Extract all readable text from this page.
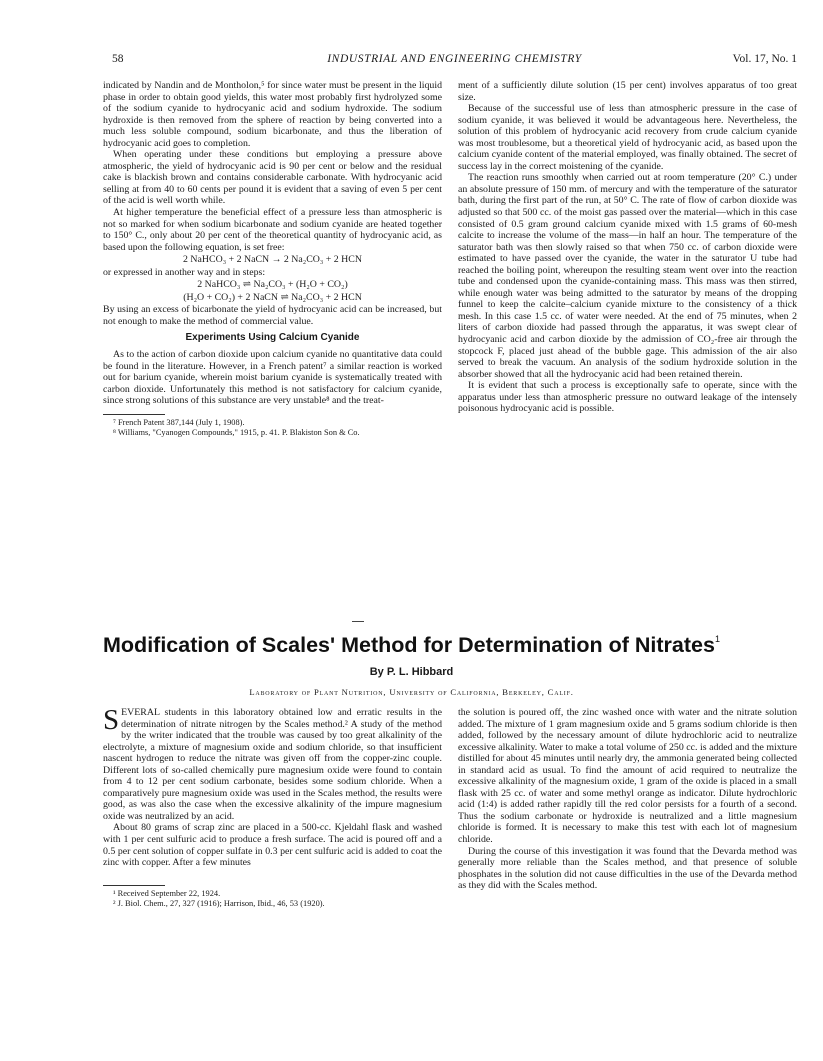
58	INDUSTRIAL AND ENGINEERING CHEMISTRY	Vol. 17, No. 1

indicated by Nandin and de Montholon,⁵ for since water must be present in the liquid phase in order to obtain good yields, this water most probably first hydrolyzed some of the sodium cyanide to hydrocyanic acid and sodium hydroxide. The sodium hydroxide is then removed from the sphere of reaction by being converted into a much less soluble compound, sodium bicarbonate, and thus the liberation of hydrocyanic acid goes to completion.

When operating under these conditions but employing a pressure above atmospheric, the yield of hydrocyanic acid is 90 per cent or below and the residual cake is blackish brown and contains considerable carbonate. With hydrocyanic acid selling at from 40 to 60 cents per pound it is evident that a saving of even 5 per cent of the acid is well worth while.

At higher temperature the beneficial effect of a pressure less than atmospheric is not so marked for when sodium bicarbonate and sodium cyanide are heated together to 150° C., only about 20 per cent of the theoretical quantity of hydrocyanic acid, as based upon the following equation, is set free:

2 NaHCO₃ + 2 NaCN → 2 Na₂CO₃ + 2 HCN

or expressed in another way and in steps:

2 NaHCO₃ ⇌ Na₂CO₃ + (H₂O + CO₂)
(H₂O + CO₂) + 2 NaCN ⇌ Na₂CO₃ + 2 HCN

By using an excess of bicarbonate the yield of hydrocyanic acid can be increased, but not enough to make the method of commercial value.

Experiments Using Calcium Cyanide

As to the action of carbon dioxide upon calcium cyanide no quantitative data could be found in the literature. However, in a French patent⁷ a similar reaction is worked out for barium cyanide, wherein moist barium cyanide is systematically treated with carbon dioxide. Unfortunately this method is not satisfactory for calcium cyanide, since strong solutions of this substance are very unstable⁸ and the treat-

⁷ French Patent 387,144 (July 1, 1908).

⁸ Williams, "Cyanogen Compounds," 1915, p. 41. P. Blakiston Son & Co.

ment of a sufficiently dilute solution (15 per cent) involves apparatus of too great size.

Because of the successful use of less than atmospheric pressure in the case of sodium cyanide, it was believed it would be advantageous here. Nevertheless, the solution of this problem of hydrocyanic acid recovery from crude calcium cyanide was most troublesome, but a theoretical yield of hydrocyanic acid, as based upon the calcium cyanide content of the material employed, was finally obtained. The secret of success lay in the correct moistening of the cyanide.

The reaction runs smoothly when carried out at room temperature (20° C.) under an absolute pressure of 150 mm. of mercury and with the temperature of the saturator bath, during the first part of the run, at 50° C. The rate of flow of carbon dioxide was adjusted so that 500 cc. of the moist gas passed over the material—which in this case consisted of 0.5 gram ground calcium cyanide mixed with 1.5 grams of 60-mesh calcite to increase the volume of the mass—in half an hour. The temperature of the saturator bath was then slowly raised so that when 750 cc. of carbon dioxide were estimated to have passed over the cyanide, the water in the saturator U tube had reached the boiling point, whereupon the resulting steam went over into the reaction tube and condensed upon the cyanide-containing mass. This mass was then stirred, while enough water was being admitted to the saturator by means of the dropping funnel to keep the calcite–calcium cyanide mixture to the consistency of a thick mesh. In this case 1.5 cc. of water were needed. At the end of 75 minutes, when 2 liters of carbon dioxide had passed through the apparatus, it was swept clear of hydrocyanic acid and carbon dioxide by the admission of CO₂-free air through the stopcock F, placed just ahead of the bubble gage. This admission of the air also served to break the vacuum. An analysis of the sodium hydroxide solution in the absorber showed that all the hydrocyanic acid had been retained therein.

It is evident that such a process is exceptionally safe to operate, since with the apparatus under less than atmospheric pressure no outward leakage of the intensely poisonous hydrocyanic acid is possible.

Modification of Scales' Method for Determination of Nitrates$^1$
By P. L. Hibbard
Laboratory of Plant Nutrition, University of California, Berkeley, Calif.

SEVERAL students in this laboratory obtained low and erratic results in the determination of nitrate nitrogen by the Scales method.² A study of the method by the writer indicated that the trouble was caused by too great alkalinity of the electrolyte, a mixture of magnesium oxide and sodium chloride, so that insufficient nascent hydrogen to reduce the nitrate was given off from the copper-zinc couple. Different lots of so-called chemically pure magnesium oxide were found to contain from 4 to 12 per cent sodium carbonate, besides some sodium chloride. When a comparatively pure magnesium oxide was used in the Scales method, the results were good, as was also the case when the excessive alkalinity of the impure magnesium oxide was neutralized by an acid.

About 80 grams of scrap zinc are placed in a 500-cc. Kjeldahl flask and washed with 1 per cent sulfuric acid to produce a fresh surface. The acid is poured off and a 0.5 per cent solution of copper sulfate in 0.3 per cent sulfuric acid is added to coat the zinc with copper. After a few minutes

¹ Received September 22, 1924.

² J. Biol. Chem., 27, 327 (1916); Harrison, Ibid., 46, 53 (1920).

the solution is poured off, the zinc washed once with water and the nitrate solution added. The mixture of 1 gram magnesium oxide and 5 grams sodium chloride is then added, followed by the necessary amount of dilute hydrochloric acid to neutralize excessive alkalinity. Water to make a total volume of 250 cc. is added and the mixture distilled for about 45 minutes until nearly dry, the ammonia generated being collected in standard acid as usual. To find the amount of acid required to neutralize the excessive alkalinity of the magnesium oxide, 1 gram of the oxide is placed in a small flask with 25 cc. of water and some methyl orange as indicator. Dilute hydrochloric acid (1:4) is added rather rapidly till the red color persists for a fourth of a second. Thus the sodium carbonate or hydroxide is neutralized and a little magnesium chloride is formed. It is necessary to make this test with each lot of magnesium chloride.

During the course of this investigation it was found that the Devarda method was generally more reliable than the Scales method, and that presence of soluble phosphates in the solution did not cause difficulties in the use of the Devarda method as they did with the Scales method.
